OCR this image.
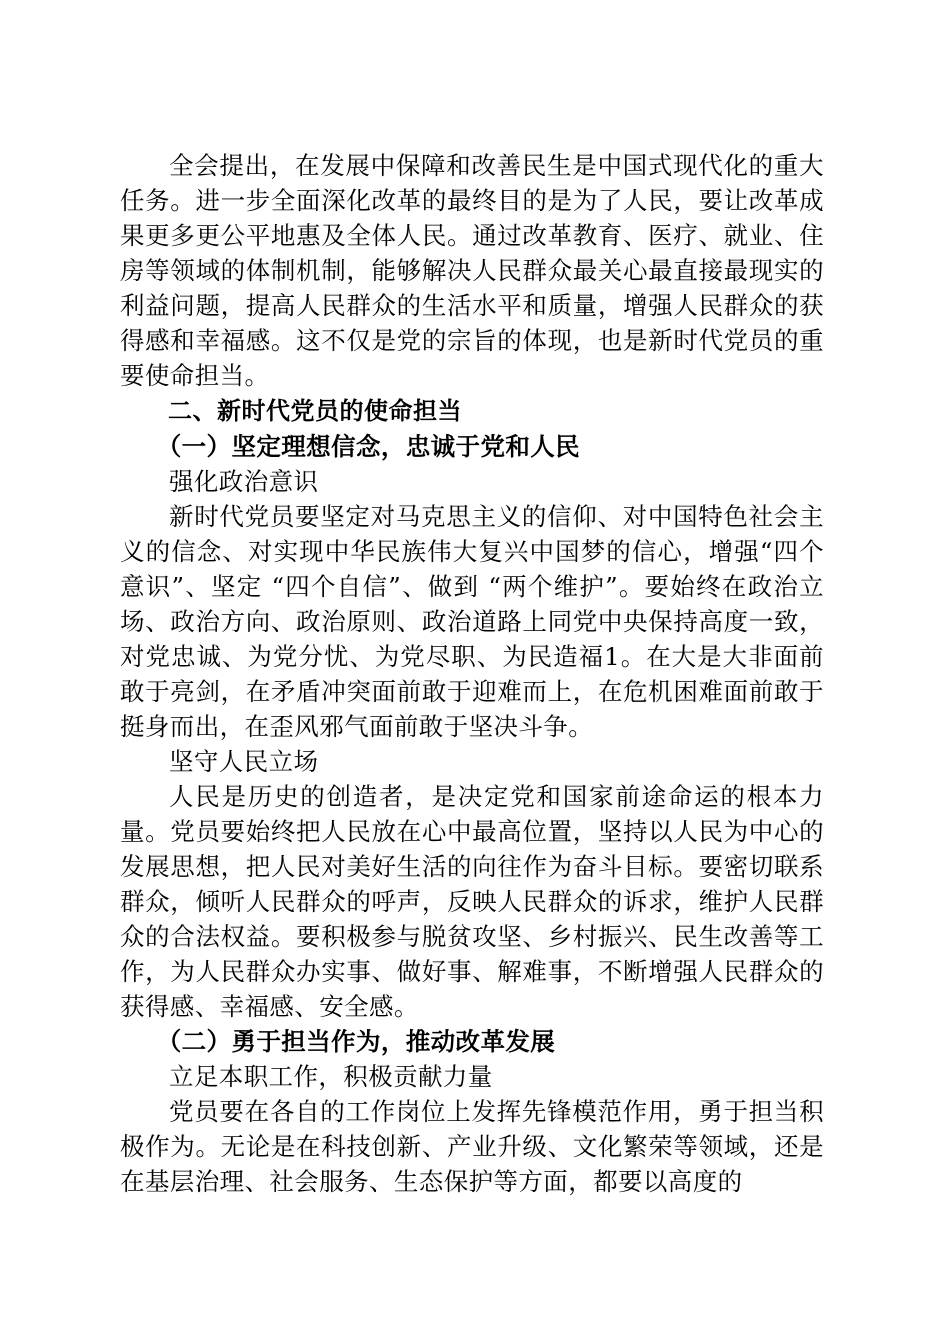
全会提出，在发展中保障和改善民生是中国式现代化的重大任务。进一步全面深化改革的最终目的是为了人民，要让改革成果更多更公平地惠及全体人民。通过改革教育、医疗、就业、住房等领域的体制机制，能够解决人民群众最关心最直接最现实的利益问题，提高人民群众的生活水平和质量，增强人民群众的获得感和幸福感。这不仅是党的宗旨的体现，也是新时代党员的重要使命担当。

二、新时代党员的使命担当

（一）坚定理想信念，忠诚于党和人民

强化政治意识

新时代党员要坚定对马克思主义的信仰、对中国特色社会主义的信念、对实现中华民族伟大复兴中国梦的信心，增强“四个意识”、坚定 “四个自信”、做到 “两个维护”。要始终在政治立场、政治方向、政治原则、政治道路上同党中央保持高度一致，对党忠诚、为党分忧、为党尽职、为民造福1。在大是大非面前敢于亮剑，在矛盾冲突面前敢于迎难而上，在危机困难面前敢于挺身而出，在歪风邪气面前敢于坚决斗争。

坚守人民立场

人民是历史的创造者，是决定党和国家前途命运的根本力量。党员要始终把人民放在心中最高位置，坚持以人民为中心的发展思想，把人民对美好生活的向往作为奋斗目标。要密切联系群众，倾听人民群众的呼声，反映人民群众的诉求，维护人民群众的合法权益。要积极参与脱贫攻坚、乡村振兴、民生改善等工作，为人民群众办实事、做好事、解难事，不断增强人民群众的获得感、幸福感、安全感。

（二）勇于担当作为，推动改革发展

立足本职工作，积极贡献力量

党员要在各自的工作岗位上发挥先锋模范作用，勇于担当积极作为。无论是在科技创新、产业升级、文化繁荣等领域，还是在基层治理、社会服务、生态保护等方面，都要以高度的
